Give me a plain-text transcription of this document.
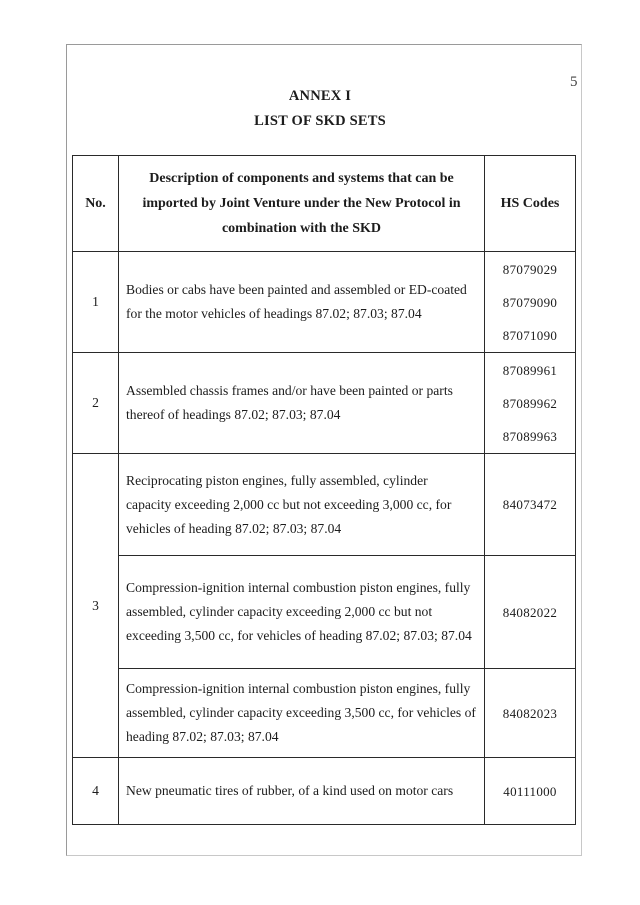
5
ANNEX I
LIST OF SKD SETS
No.	Description of components and systems that can be imported by Joint Venture under the New Protocol in combination with the SKD	HS Codes
1	Bodies or cabs have been painted and assembled or ED-coated for the motor vehicles of headings 87.02; 87.03; 87.04	87079029
87079090
87071090

2	Assembled chassis frames and/or have been painted or parts thereof of headings 87.02; 87.03; 87.04	87089961
87089962
87089963

3	Reciprocating piston engines, fully assembled, cylinder capacity exceeding 2,000 cc but not exceeding 3,000 cc, for vehicles of heading 87.02; 87.03; 87.04	84073472

	Compression-ignition internal combustion piston engines, fully assembled, cylinder capacity exceeding 2,000 cc but not exceeding 3,500 cc, for vehicles of heading 87.02; 87.03; 87.04	84082022

	Compression-ignition internal combustion piston engines, fully assembled, cylinder capacity exceeding 3,500 cc, for vehicles of heading 87.02; 87.03; 87.04	84082023

4	New pneumatic tires of rubber, of a kind used on motor cars	40111000
